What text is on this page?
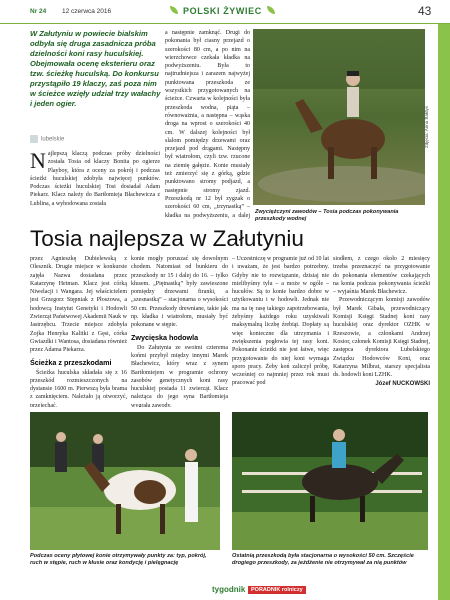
Nr 24 12 czerwca 2016	POLSKI ŻYWIEC	43
W Załutyniu w powiecie bialskim odbyła się druga zasadnicza próba dzielności koni rasy huculskiej. Obejmowała ocenę eksterieru oraz tzw. ścieżkę huculską. Do konkursu przystąpiło 19 klaczy, zaś poza nim w ścieżce wzięły udział trzy wałachy i jeden ogier.
lubelskie

Najlepszą klaczą podczas próby dzielności została Tosia od klaczy Bonita po ogierze Playboy, która z oceny za pokrój i podczas ścieżki huculskiej zdobyła najwięcej punktów. Podczas ścieżki huculskiej Tosi dosiadał Adam Piekarz. Klacz należy do Bartłomieja Błachewicza z Lublina, a wyhodowana została

a następnie zamknąć. Drugi do pokonania był ciasny przejazd o szerokości 80 cm, a po nim na wierzchowce czekała kładka na podwyższeniu. Była to najtrudniejsza i zarazem najwyżej punktowana przeszkoda ze wszystkich przygotowanych na ścieżce. Czwarta w kolejności była przeszkoda wodna, piąta – równoważnia, a następna – wąska droga na wprost o szerokości 40 cm. W dalszej kolejności był slalom pomiędzy drzewami oraz przejazd pod drągami. Następny był wiatrołom, czyli tzw. rzucone na ziemię gałęzie. Konie musiały też zmierzyć się z górką, gdzie punktowano stromy podjazd, a następnie stromy zjazd. Przeszkodą nr 12 był zygzak o szerokości 60 cm, „trzynastką” – kładka na podwyższeniu, a dalej

Zwyciężczyni zawodów – Tosia podczas pokonywania przeszkody wodnej
Zdjęcia: Anna Bałdys
Tosia najlepsza w Załutyniu

przez Agnieszkę Dubielewską z Olesznik. Drugie miejsce w konkursie zajęła Nazwa dosiadana przez Katarzynę Hetman. Klacz jest córką Niwelacji i Wangara. Jej właścicielem jest Grzegorz Stępniak z Płoszowa, a hodowcą Instytut Genetyki i Hodowli Zwierząt Państwowej Akademii Nauk w Jastrzębcu. Trzecie miejsce zdobyła Zojka Henryka Kalitki z Gęsi, córka Gwiazdki i Wantosa, dosiadana również przez Adama Piekarza.

Ścieżka z przeszkodami

Ścieżka huculska składała się z 16 przeszkód rozmieszczonych na dystansie 1600 m. Pierwszą była brama z zamknięciem. Należało ją otworzyć, przejechać,

konie mogły poruszać się dowolnym chodem. Natomiast od bunkieru do przeszkody nr 15 i dalej do 16. – tylko kłusem. „Piętnastką” były zawieszone pomiędzy drzewami firanki, a „szesnastką” – stacjonarna o wysokości 50 cm. Przeszkody drewniane, takie jak np. kładka i wiatrołom, musiały być pokonane w stępie.

Zwycięska hodowla

Do Załutynia ze swoimi czterema końmi przybył między innymi Marek Błachewicz, który wraz z synem Bartłomiejem w programie ochrony zasobów genetycznych koni rasy huculskiej posiada 11 zwierząt. Klacz należąca do jego syna Bartłomieja wygrała zawody.

– Uczestniczę w programie już od 10 lat i uważam, że jest bardzo potrzebny. Gdyby nie to rozwiązanie, dzisiaj nie mielibyśmy tylu – a może w ogóle – hucułów. Są to konie bardzo dobre w użytkowaniu i w hodowli. Jednak nie ma na tę rasę takiego zapotrzebowania, żebyśmy każdego roku uzyskiwali maksymalną liczbę źrebiąt. Dopłaty są więc konieczne dla utrzymania i zwiększenia pogłowia tej rasy koni. Pokonanie ścieżki nie jest łatwe, więc przygotowanie do niej koni wymaga sporo pracy. Żeby koń zaliczył próbę, wcześniej co najmniej przez rok musi pracować pod

siodłem, z czego około 2 miesięcy trzeba przeznaczyć na przygotowanie do pokonania elementów czekających na konia podczas pokonywania ścieżki – wyjaśnia Marek Błachewicz.

Przewodniczącym komisji zawodów był Marek Gibała, przewodniczący Komisji Księgi Stadnej koni rasy huculskiej oraz dyrektor OZHK w Rzeszowie, a członkami Andrzej Kosior, członek Komisji Księgi Stadnej, zastępca dyrektora Lubelskiego Związku Hodowców Koni, oraz Katarzyna Milbrat, starszy specjalista ds. hodowli koni LZHK.

Józef NUCKOWSKI
Podczas oceny płytowej konie otrzymywały punkty za: typ, pokrój, ruch w stępie, ruch w kłusie oraz kondycję i pielęgnację
Ostatnią przeszkodą była stacjonarna o wysokości 50 cm. Szczęście drogiego przeszkody, za jeżdżenie nie otrzymywał za nią punktów
tygodnik	PORADNIK rolniczy
